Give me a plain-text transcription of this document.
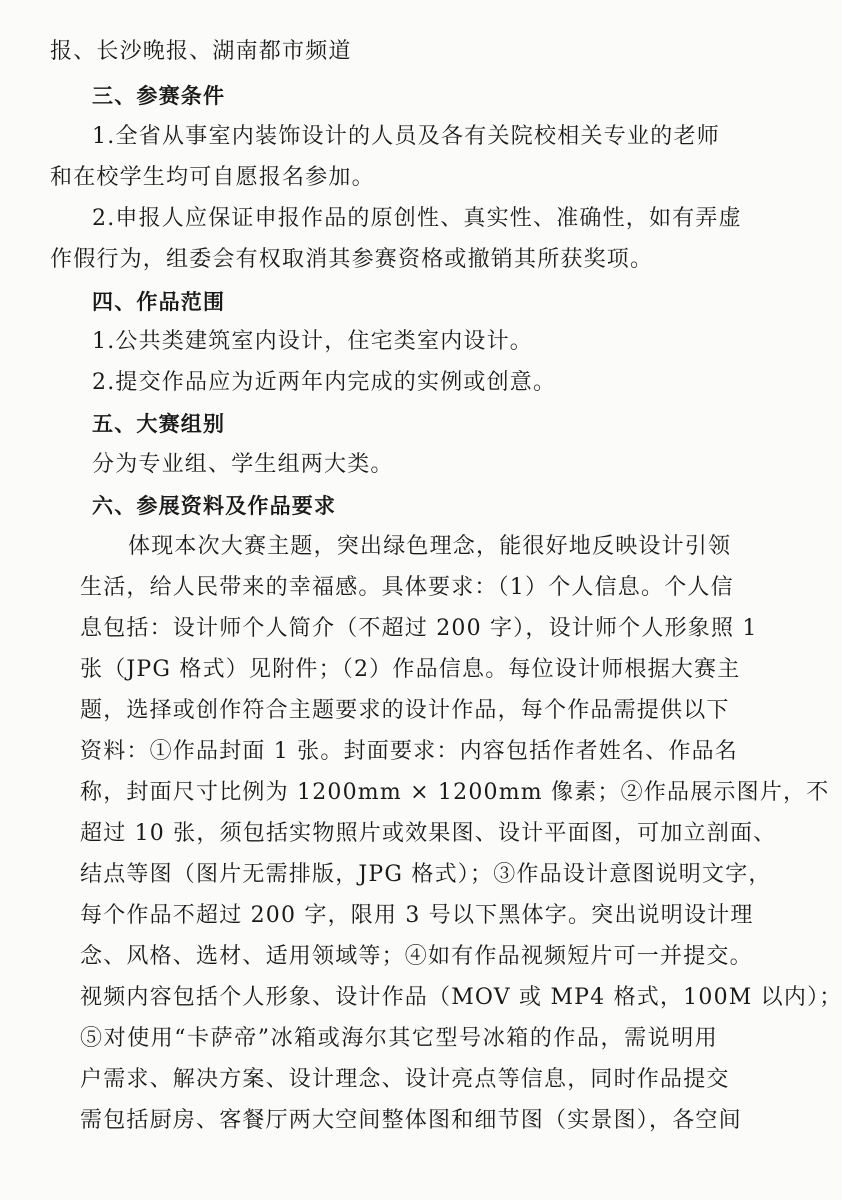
报、长沙晚报、湖南都市频道
三、参赛条件
1.全省从事室内装饰设计的人员及各有关院校相关专业的老师
和在校学生均可自愿报名参加。
2.申报人应保证申报作品的原创性、真实性、准确性，如有弄虚
作假行为，组委会有权取消其参赛资格或撤销其所获奖项。
四、作品范围
1.公共类建筑室内设计，住宅类室内设计。
2.提交作品应为近两年内完成的实例或创意。
五、大赛组别
分为专业组、学生组两大类。
六、参展资料及作品要求
体现本次大赛主题，突出绿色理念，能很好地反映设计引领
生活，给人民带来的幸福感。具体要求：（1）个人信息。个人信
息包括：设计师个人简介（不超过 200 字），设计师个人形象照 1
张（JPG 格式）见附件；（2）作品信息。每位设计师根据大赛主
题，选择或创作符合主题要求的设计作品，每个作品需提供以下
资料：①作品封面 1 张。封面要求：内容包括作者姓名、作品名
称，封面尺寸比例为 1200mm × 1200mm 像素；②作品展示图片，不
超过 10 张，须包括实物照片或效果图、设计平面图，可加立剖面、
结点等图（图片无需排版，JPG 格式）；③作品设计意图说明文字，
每个作品不超过 200 字，限用 3 号以下黑体字。突出说明设计理
念、风格、选材、适用领域等；④如有作品视频短片可一并提交。
视频内容包括个人形象、设计作品（MOV 或 MP4 格式，100M 以内）；
⑤对使用“卡萨帝”冰箱或海尔其它型号冰箱的作品，需说明用
户需求、解决方案、设计理念、设计亮点等信息，同时作品提交
需包括厨房、客餐厅两大空间整体图和细节图（实景图），各空间
